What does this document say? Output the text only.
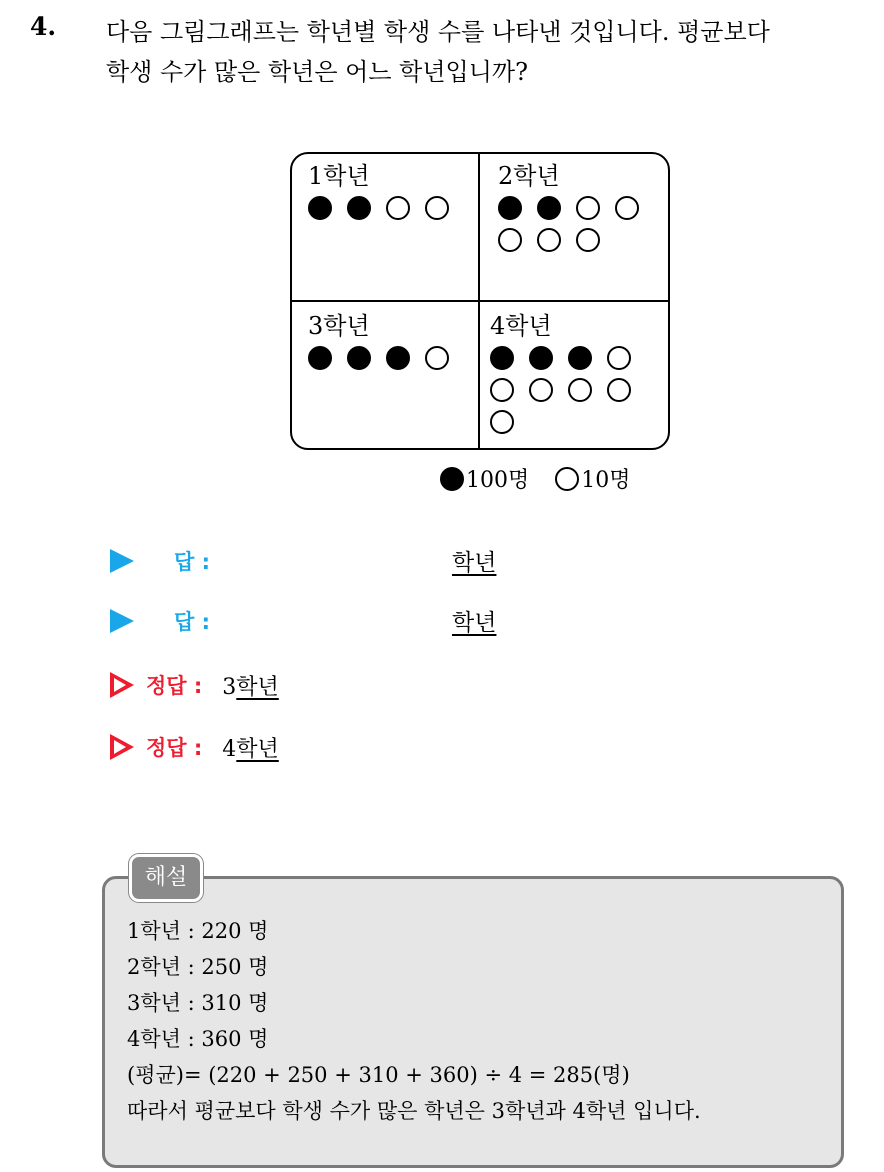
4. 다음 그림그래프는 학년별 학생 수를 나타낸 것입니다. 평균보다
학생 수가 많은 학년은 어느 학년입니까?
1학년	2학년
3학년	4학년
100명 10명
답 :	학년
답 :	학년
정답 : 3학년
정답 : 4학년
1학년 : 220 명
2학년 : 250 명
3학년 : 310 명
4학년 : 360 명
(평균)= (220 + 250 + 310 + 360) ÷ 4 = 285(명)
따라서 평균보다 학생 수가 많은 학년은 3학년과 4학년 입니다.
해설
